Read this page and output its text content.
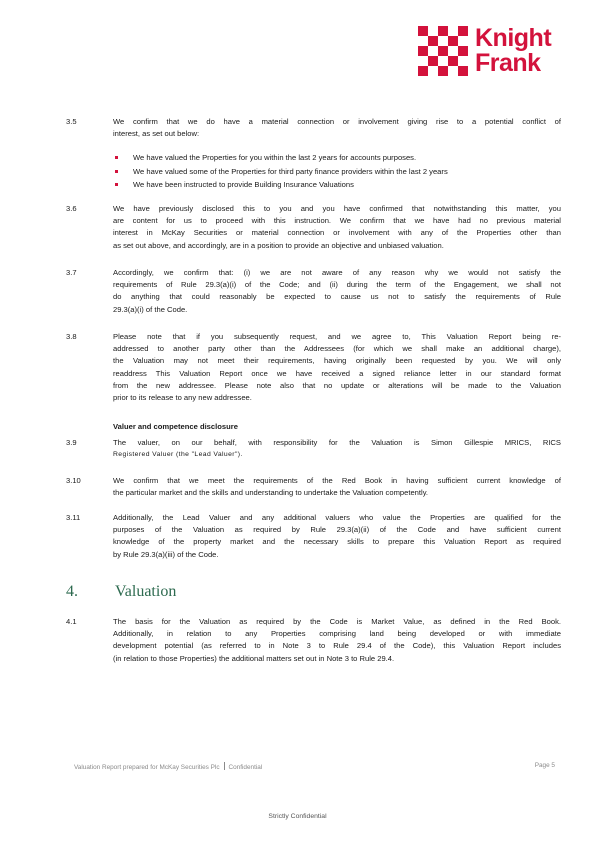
Knight
Frank
3.5	We confirm that we do have a material connection or involvement giving rise to a potential conflict of
interest, as set out below:
We have valued the Properties for you within the last 2 years for accounts purposes.
We have valued some of the Properties for third party finance providers within the last 2 years
We have been instructed to provide Building Insurance Valuations
3.6	We have previously disclosed this to you and you have confirmed that notwithstanding this matter, you
are content for us to proceed with this instruction. We confirm that we have had no previous material
interest in McKay Securities or material connection or involvement with any of the Properties other than
as set out above, and accordingly, are in a position to provide an objective and unbiased valuation.
3.7	Accordingly, we confirm that: (i) we are not aware of any reason why we would not satisfy the
requirements of Rule 29.3(a)(i) of the Code; and (ii) during the term of the Engagement, we shall not
do anything that could reasonably be expected to cause us not to satisfy the requirements of Rule
29.3(a)(i) of the Code.
3.8	Please note that if you subsequently request, and we agree to, This Valuation Report being re-
addressed to another party other than the Addressees (for which we shall make an additional charge),
the Valuation may not meet their requirements, having originally been requested by you. We will only
readdress This Valuation Report once we have received a signed reliance letter in our standard format
from the new addressee. Please note also that no update or alterations will be made to the Valuation
prior to its release to any new addressee.
Valuer and competence disclosure
3.9	The valuer, on our behalf, with responsibility for the Valuation is Simon Gillespie MRICS, RICS
Registered Valuer (the "Lead Valuer").
3.10	We confirm that we meet the requirements of the Red Book in having sufficient current knowledge of
the particular market and the skills and understanding to undertake the Valuation competently.
3.11	Additionally, the Lead Valuer and any additional valuers who value the Properties are qualified for the
purposes of the Valuation as required by Rule 29.3(a)(ii) of the Code and have sufficient current
knowledge of the property market and the necessary skills to prepare this Valuation Report as required
by Rule 29.3(a)(iii) of the Code.
4. Valuation
4.1	The basis for the Valuation as required by the Code is Market Value, as defined in the Red Book.
Additionally, in relation to any Properties comprising land being developed or with immediate
development potential (as referred to in Note 3 to Rule 29.4 of the Code), this Valuation Report includes
(in relation to those Properties) the additional matters set out in Note 3 to Rule 29.4.
Valuation Report prepared for McKay Securities Plc Confidential	Page 5
Strictly Confidential
